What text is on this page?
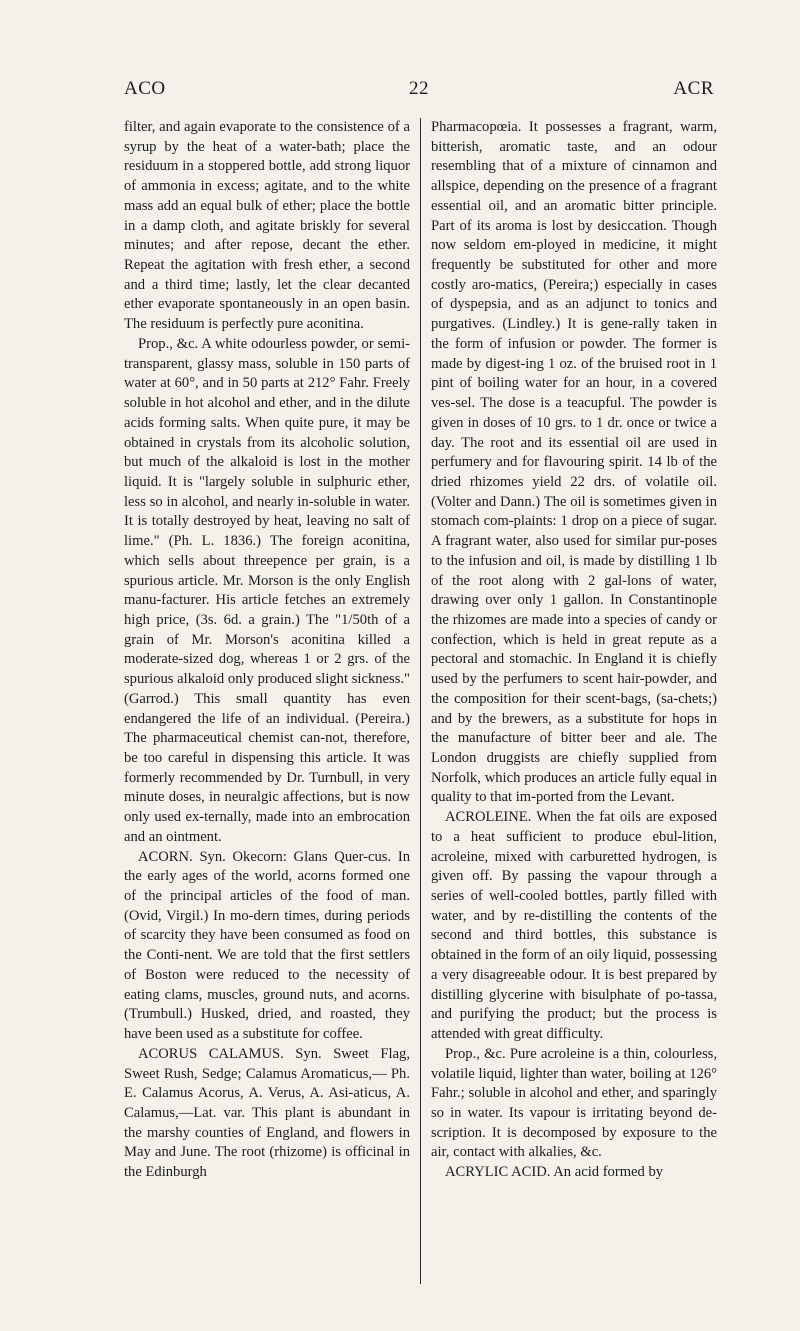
ACO	22	ACR

filter, and again evaporate to the consistence of a syrup by the heat of a water-bath; place the residuum in a stoppered bottle, add strong liquor of ammonia in excess; agitate, and to the white mass add an equal bulk of ether; place the bottle in a damp cloth, and agitate briskly for several minutes; and after repose, decant the ether. Repeat the agitation with fresh ether, a second and a third time; lastly, let the clear decanted ether evaporate spontaneously in an open basin. The residuum is perfectly pure aconitina.

Prop., &c. A white odourless powder, or semi-transparent, glassy mass, soluble in 150 parts of water at 60°, and in 50 parts at 212° Fahr. Freely soluble in hot alcohol and ether, and in the dilute acids forming salts. When quite pure, it may be obtained in crystals from its alcoholic solution, but much of the alkaloid is lost in the mother liquid. It is "largely soluble in sulphuric ether, less so in alcohol, and nearly in-soluble in water. It is totally destroyed by heat, leaving no salt of lime." (Ph. L. 1836.) The foreign aconitina, which sells about threepence per grain, is a spurious article. Mr. Morson is the only English manu-facturer. His article fetches an extremely high price, (3s. 6d. a grain.) The "1/50th of a grain of Mr. Morson's aconitina killed a moderate-sized dog, whereas 1 or 2 grs. of the spurious alkaloid only produced slight sickness." (Garrod.) This small quantity has even endangered the life of an individual. (Pereira.) The pharmaceutical chemist can-not, therefore, be too careful in dispensing this article. It was formerly recommended by Dr. Turnbull, in very minute doses, in neuralgic affections, but is now only used ex-ternally, made into an embrocation and an ointment.

ACORN. Syn. Okecorn: Glans Quer-cus. In the early ages of the world, acorns formed one of the principal articles of the food of man. (Ovid, Virgil.) In mo-dern times, during periods of scarcity they have been consumed as food on the Conti-nent. We are told that the first settlers of Boston were reduced to the necessity of eating clams, muscles, ground nuts, and acorns. (Trumbull.) Husked, dried, and roasted, they have been used as a substitute for coffee.

ACORUS CALAMUS. Syn. Sweet Flag, Sweet Rush, Sedge; Calamus Aromaticus,— Ph. E. Calamus Acorus, A. Verus, A. Asi-aticus, A. Calamus,—Lat. var. This plant is abundant in the marshy counties of England, and flowers in May and June. The root (rhizome) is officinal in the Edinburgh

Pharmacopœia. It possesses a fragrant, warm, bitterish, aromatic taste, and an odour resembling that of a mixture of cinnamon and allspice, depending on the presence of a fragrant essential oil, and an aromatic bitter principle. Part of its aroma is lost by desiccation. Though now seldom em-ployed in medicine, it might frequently be substituted for other and more costly aro-matics, (Pereira;) especially in cases of dyspepsia, and as an adjunct to tonics and purgatives. (Lindley.) It is gene-rally taken in the form of infusion or powder. The former is made by digest-ing 1 oz. of the bruised root in 1 pint of boiling water for an hour, in a covered ves-sel. The dose is a teacupful. The powder is given in doses of 10 grs. to 1 dr. once or twice a day. The root and its essential oil are used in perfumery and for flavouring spirit. 14 lb of the dried rhizomes yield 22 drs. of volatile oil. (Volter and Dann.) The oil is sometimes given in stomach com-plaints: 1 drop on a piece of sugar. A fragrant water, also used for similar pur-poses to the infusion and oil, is made by distilling 1 lb of the root along with 2 gal-lons of water, drawing over only 1 gallon. In Constantinople the rhizomes are made into a species of candy or confection, which is held in great repute as a pectoral and stomachic. In England it is chiefly used by the perfumers to scent hair-powder, and the composition for their scent-bags, (sa-chets;) and by the brewers, as a substitute for hops in the manufacture of bitter beer and ale. The London druggists are chiefly supplied from Norfolk, which produces an article fully equal in quality to that im-ported from the Levant.

ACROLEINE. When the fat oils are exposed to a heat sufficient to produce ebul-lition, acroleine, mixed with carburetted hydrogen, is given off. By passing the vapour through a series of well-cooled bottles, partly filled with water, and by re-distilling the contents of the second and third bottles, this substance is obtained in the form of an oily liquid, possessing a very disagreeable odour. It is best prepared by distilling glycerine with bisulphate of po-tassa, and purifying the product; but the process is attended with great difficulty.

Prop., &c. Pure acroleine is a thin, colourless, volatile liquid, lighter than water, boiling at 126° Fahr.; soluble in alcohol and ether, and sparingly so in water. Its vapour is irritating beyond de-scription. It is decomposed by exposure to the air, contact with alkalies, &c.

ACRYLIC ACID. An acid formed by
